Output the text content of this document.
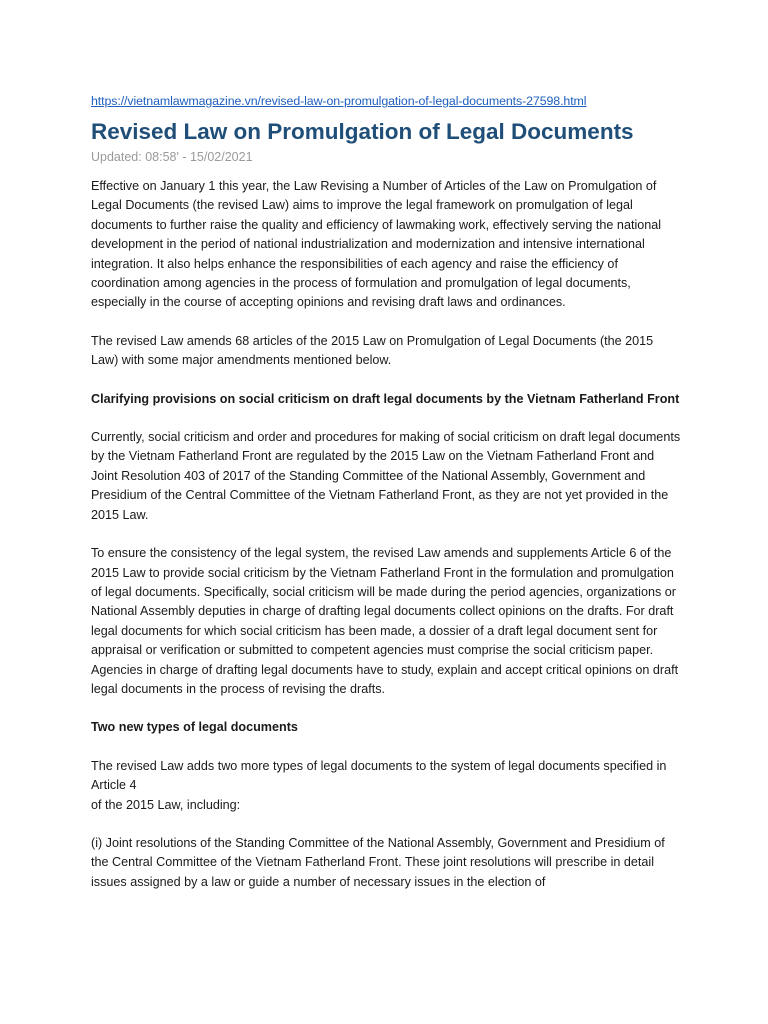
https://vietnamlawmagazine.vn/revised-law-on-promulgation-of-legal-documents-27598.html
Revised Law on Promulgation of Legal Documents
Updated: 08:58' - 15/02/2021

Effective on January 1 this year, the Law Revising a Number of Articles of the Law on Promulgation of Legal Documents (the revised Law) aims to improve the legal framework on promulgation of legal documents to further raise the quality and efficiency of lawmaking work, effectively serving the national development in the period of national industrialization and modernization and intensive international integration. It also helps enhance the responsibilities of each agency and raise the efficiency of coordination among agencies in the process of formulation and promulgation of legal documents, especially in the course of accepting opinions and revising draft laws and ordinances.

The revised Law amends 68 articles of the 2015 Law on Promulgation of Legal Documents (the 2015 Law) with some major amendments mentioned below.

Clarifying provisions on social criticism on draft legal documents by the Vietnam Fatherland Front

Currently, social criticism and order and procedures for making of social criticism on draft legal documents by the Vietnam Fatherland Front are regulated by the 2015 Law on the Vietnam Fatherland Front and Joint Resolution 403 of 2017 of the Standing Committee of the National Assembly, Government and Presidium of the Central Committee of the Vietnam Fatherland Front, as they are not yet provided in the 2015 Law.

To ensure the consistency of the legal system, the revised Law amends and supplements Article 6 of the 2015 Law to provide social criticism by the Vietnam Fatherland Front in the formulation and promulgation of legal documents. Specifically, social criticism will be made during the period agencies, organizations or National Assembly deputies in charge of drafting legal documents collect opinions on the drafts. For draft legal documents for which social criticism has been made, a dossier of a draft legal document sent for appraisal or verification or submitted to competent agencies must comprise the social criticism paper. Agencies in charge of drafting legal documents have to study, explain and accept critical opinions on draft legal documents in the process of revising the drafts.

Two new types of legal documents

The revised Law adds two more types of legal documents to the system of legal documents specified in Article 4
of the 2015 Law, including:

(i) Joint resolutions of the Standing Committee of the National Assembly, Government and Presidium of the Central Committee of the Vietnam Fatherland Front. These joint resolutions will prescribe in detail issues assigned by a law or guide a number of necessary issues in the election of
